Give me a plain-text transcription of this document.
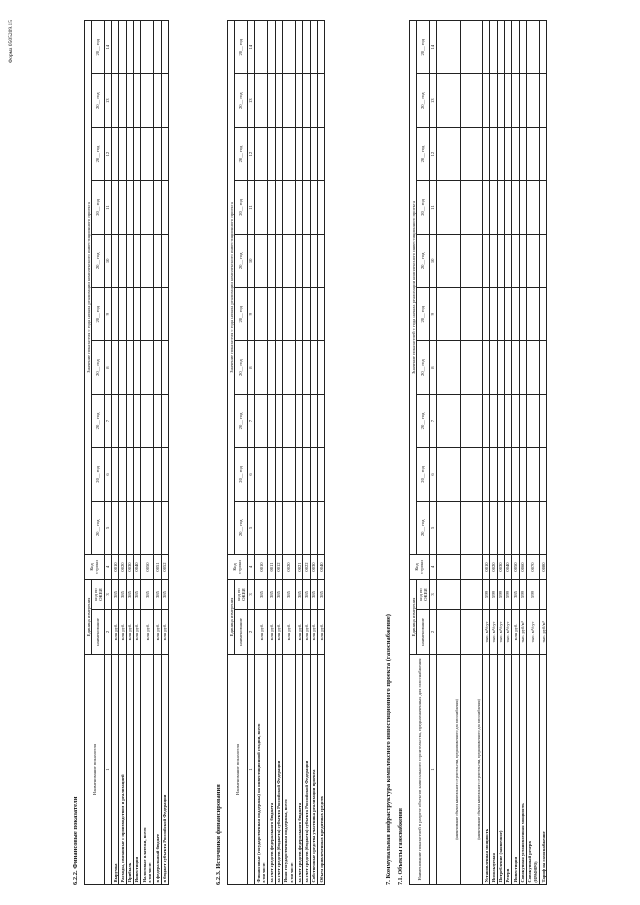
Форма 0505209.15
6.2.2. Финансовые показатели
Наименование показателя	Единица измерения		Код строки	Значение показателя с года начала реализации комплексного инвестиционного проекта									
	наименование	код по ОКЕИ		20__ год	20__ год	20__ год	20__ год	20__ год	20__ год	20__ год	20__ год	20__ год	20__ год
1	2	3	4	5	6	7	8	9	10	11	12	13	14
Выручка	млн руб.	385	0010										
Расходы, связанные с производством и реализацией	млн руб.	385	0020										
Прибыль	млн руб.	385	0030										
Инвестиции	млн руб.	385	0040										
Налоговые платежи, всего
в том числе:	млн руб.	385	0050										
в федеральный бюджет	млн руб.	385	0051										
в бюджет субъекта Российской Федерации	млн руб.	385	0052										
6.2.3. Источники финансирования
Наименование показателя	Единица измерения		Код строки	Значение показателя с года начала реализации комплексного инвестиционного проекта									
	наименование	код по ОКЕИ		20__ год	20__ год	20__ год	20__ год	20__ год	20__ год	20__ год	20__ год	20__ год	20__ год
1	2	3	4	5	6	7	8	9	10	11	12	13	14
Финансовые (государственная поддержка) на инвестиционной стадии, всего
в том числе:	млн руб.	385	0010										
за счет средств федерального бюджета	млн руб.	385	0011										
за счет средств (бюджета) субъекта Российской Федерации	млн руб.	385	0012										
Иная государственная поддержка, всего
в том числе:	млн руб.	385	0020										
за счет средств федерального бюджета	млн руб.	385	0021										
за счет средств (бюджета) субъекта Российской Федерации	млн руб.	385	0022										
Собственные средства участника реализации проекта	млн руб.	385	0030										
Объем привлеченных кредитных средств	млн руб.	385	0040										
7. Коммунальная инфраструктура комплексного инвестиционного проекта (газоснабжение) 7.1. Объекты газоснабжения	Наименование показателей в разрезе объектов капитального строительства, предназначенных для газоснабжения	Единица измерения		Код строки	Значение показателей с года начала реализации комплексного инвестиционного проекта									
	наименование	код по ОКЕИ		20__ год	20__ год	20__ год	20__ год	20__ год	20__ год	20__ год	20__ год	20__ год	20__ год
1	2	3	4	5	6	7	8	9	10	11	12	13	14
(наименование объекта капитального строительства, предназначенного для газоснабжения)													
(наименование объекта капитального строительства, предназначенного для газоснабжения)													
Установленная мощность	тыс. м³/сут	599	0010										
Используемая	тыс. м³/сут	599	0020										
Потребление (заявочное)	тыс. м³/сут	599	0030										
Резерв	тыс. м³/сут	599	0040										
Инвестиции	млн руб.	385	0050										
Совокупная установленная мощность	тыс. руб/м³	599	0060										
Совокупный резерв
(01РАФНРО)	тыс. м³/сут	599	0070										
Тариф на газоснабжение	тыс. руб/м³		0080										
